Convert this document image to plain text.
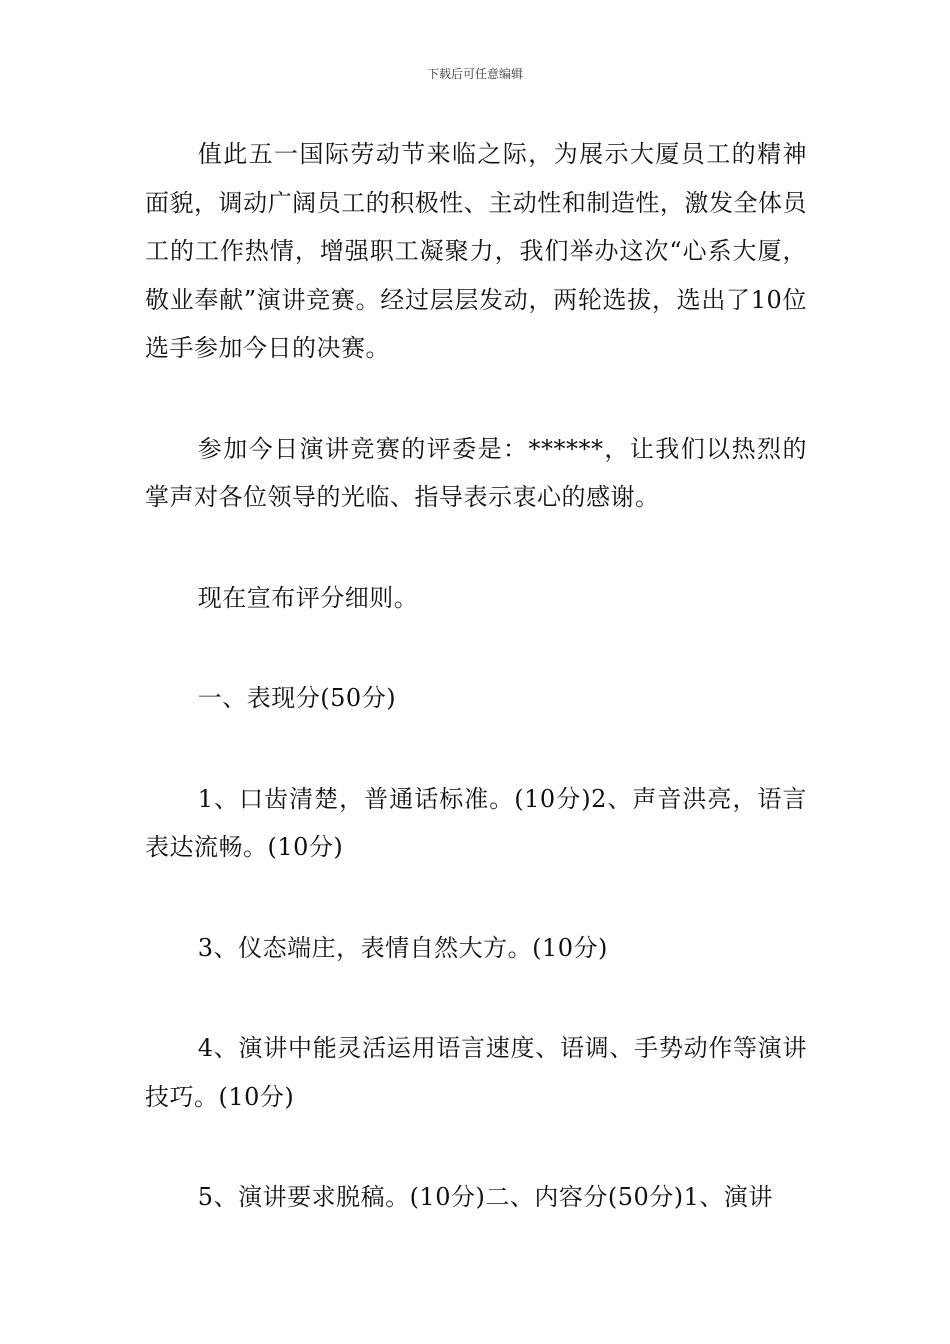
下载后可任意编辑

值此五一国际劳动节来临之际，为展示大厦员工的精神面貌，调动广阔员工的积极性、主动性和制造性，激发全体员工的工作热情，增强职工凝聚力，我们举办这次“心系大厦，敬业奉献”演讲竞赛。经过层层发动，两轮选拔，选出了10位选手参加今日的决赛。

参加今日演讲竞赛的评委是：******，让我们以热烈的掌声对各位领导的光临、指导表示衷心的感谢。

现在宣布评分细则。

一、表现分(50分)

1、口齿清楚，普通话标准。(10分)2、声音洪亮，语言表达流畅。(10分)

3、仪态端庄，表情自然大方。(10分)

4、演讲中能灵活运用语言速度、语调、手势动作等演讲技巧。(10分)

5、演讲要求脱稿。(10分)二、内容分(50分)1、演讲
